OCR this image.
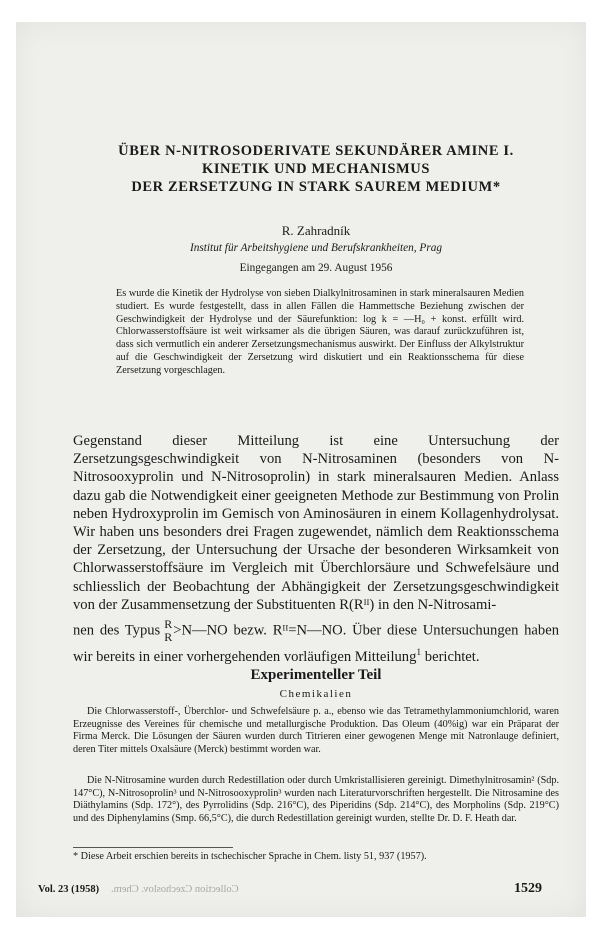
ÜBER N-NITROSODERIVATE SEKUNDÄRER AMINE I.
KINETIK UND MECHANISMUS
DER ZERSETZUNG IN STARK SAUREM MEDIUM*
R. Zahradník
Institut für Arbeitshygiene und Berufskrankheiten, Prag
Eingegangen am 29. August 1956

Es wurde die Kinetik der Hydrolyse von sieben Dialkylnitrosaminen in stark mineralsauren Medien studiert. Es wurde festgestellt, dass in allen Fällen die Hammettsche Beziehung zwischen der Geschwindigkeit der Hydrolyse und der Säurefunktion: log k = —H₀ + konst. erfüllt wird. Chlorwasserstoffsäure ist weit wirksamer als die übrigen Säuren, was darauf zurückzuführen ist, dass sich vermutlich ein anderer Zersetzungsmechanismus auswirkt. Der Einfluss der Alkylstruktur auf die Geschwindigkeit der Zersetzung wird diskutiert und ein Reaktionsschema für diese Zersetzung vorgeschlagen.

Gegenstand dieser Mitteilung ist eine Untersuchung der Zersetzungsgeschwindigkeit von N-Nitrosaminen (besonders von N-Nitrosooxyprolin und N-Nitrosoprolin) in stark mineralsauren Medien. Anlass dazu gab die Notwendigkeit einer geeigneten Methode zur Bestimmung von Prolin neben Hydroxyprolin im Gemisch von Aminosäuren in einem Kollagenhydrolysat. Wir haben uns besonders drei Fragen zugewendet, nämlich dem Reaktionsschema der Zersetzung, der Untersuchung der Ursache der besonderen Wirksamkeit von Chlorwasserstoffsäure im Vergleich mit Überchlorsäure und Schwefelsäure und schliesslich der Beobachtung der Abhängigkeit der Zersetzungsgeschwindigkeit von der Zusammensetzung der Substituenten R(Rᴵᴵ) in den N-Nitrosami-

nen des Typus R
R >N—NO bezw. Rᴵᴵ=N—NO. Über diese Untersuchungen haben wir bereits in einer vorhergehenden vorläufigen Mitteilung$^1$ berichtet.

Experimenteller Teil
Chemikalien

Die Chlorwasserstoff-, Überchlor- und Schwefelsäure p. a., ebenso wie das Tetramethylammoniumchlorid, waren Erzeugnisse des Vereines für chemische und metallurgische Produktion. Das Oleum (40%ig) war ein Präparat der Firma Merck. Die Lösungen der Säuren wurden durch Titrieren einer gewogenen Menge mit Natronlauge definiert, deren Titer mittels Oxalsäure (Merck) bestimmt worden war.

Die N-Nitrosamine wurden durch Redestillation oder durch Umkristallisieren gereinigt. Dimethylnitrosamin² (Sdp. 147°C), N-Nitrosoprolin³ und N-Nitrosooxyprolin³ wurden nach Literaturvorschriften hergestellt. Die Nitrosamine des Diäthylamins (Sdp. 172°), des Pyrrolidins (Sdp. 216°C), des Piperidins (Sdp. 214°C), des Morpholins (Sdp. 219°C) und des Diphenylamins (Smp. 66,5°C), die durch Redestillation gereinigt wurden, stellte Dr. D. F. Heath dar.

* Diese Arbeit erschien bereits in tschechischer Sprache in Chem. listy 51, 937 (1957).
Vol. 23 (1958) Collection Czechoslov. Chem.	1529
